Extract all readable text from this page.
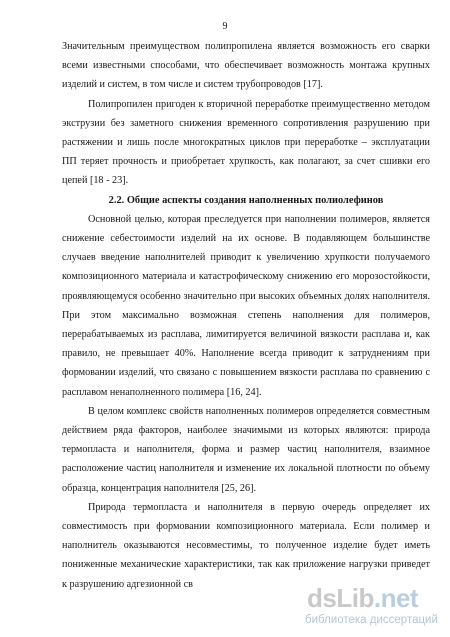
9

Значительным преимуществом полипропилена является возможность его сварки всеми известными способами, что обеспечивает возможность монтажа крупных изделий и систем, в том числе и систем трубопроводов [17].

Полипропилен пригоден к вторичной переработке преимущественно методом экструзии без заметного снижения временного сопротивления разрушению при растяжении и лишь после многократных циклов при переработке – эксплуатации ПП теряет прочность и приобретает хрупкость, как полагают, за счет сшивки его цепей [18 - 23].

2.2. Общие аспекты создания наполненных полиолефинов

Основной целью, которая преследуется при наполнении полимеров, является снижение себестоимости изделий на их основе. В подавляющем большинстве случаев введение наполнителей приводит к увеличению хрупкости получаемого композиционного материала и катастрофическому снижению его морозостойкости, проявляющемуся особенно значительно при высоких объемных долях наполнителя. При этом максимально возможная степень наполнения для полимеров, перерабатываемых из расплава, лимитируется величиной вязкости расплава и, как правило, не превышает 40%. Наполнение всегда приводит к затруднениям при формовании изделий, что связано с повышением вязкости расплава по сравнению с расплавом ненаполненного полимера [16, 24].

В целом комплекс свойств наполненных полимеров определяется совместным действием ряда факторов, наиболее значимыми из которых являются: природа термопласта и наполнителя, форма и размер частиц наполнителя, взаимное расположение частиц наполнителя и изменение их локальной плотности по объему образца, концентрация наполнителя [25, 26].

Природа термопласта и наполнителя в первую очередь определяет их совместимость при формовании композиционного материала. Если полимер и наполнитель оказываются несовместимы, то полученное изделие будет иметь пониженные механические характеристики, так как приложение нагрузки приведет к разрушению адгезионной св	dsLib.net
библиотека диссертаций
